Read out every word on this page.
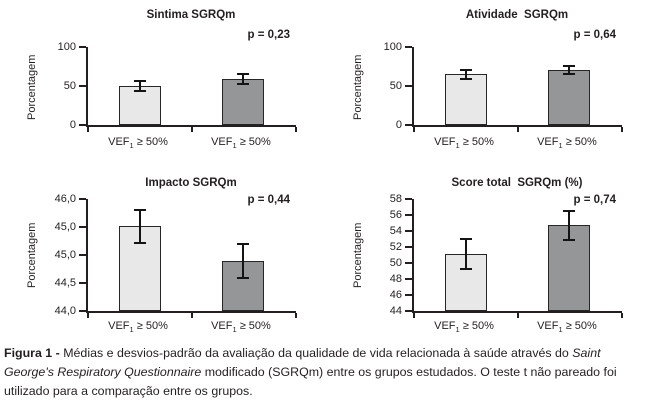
Sintima SGRQm
p = 0,23
Porcentagem
100
50
0
$VEF_1 \ge 50\%$	$VEF_1 \ge 50\%$
Atividade  SGRQm
p = 0,64
Porcentagem
100
50
0
$VEF_1 \ge 50\%$	$VEF_1 \ge 50\%$
Impacto SGRQm
p = 0,44
Porcentagem
46,0
45,0
45,0
44,5
44,0
$VEF_1 \ge 50\%$	$VEF_1 \ge 50\%$
Score total  SGRQm (%)
p = 0,74
Porcentagem
58
56
54
52
50
48
46
44
$VEF_1 \ge 50\%$	$VEF_1 \ge 50\%$
Figura 1 - Médias e desvios-padrão da avaliação da qualidade de vida relacionada à saúde através do Saint
George's Respiratory Questionnaire modificado (SGRQm) entre os grupos estudados. O teste t não pareado foi
utilizado para a comparação entre os grupos.
